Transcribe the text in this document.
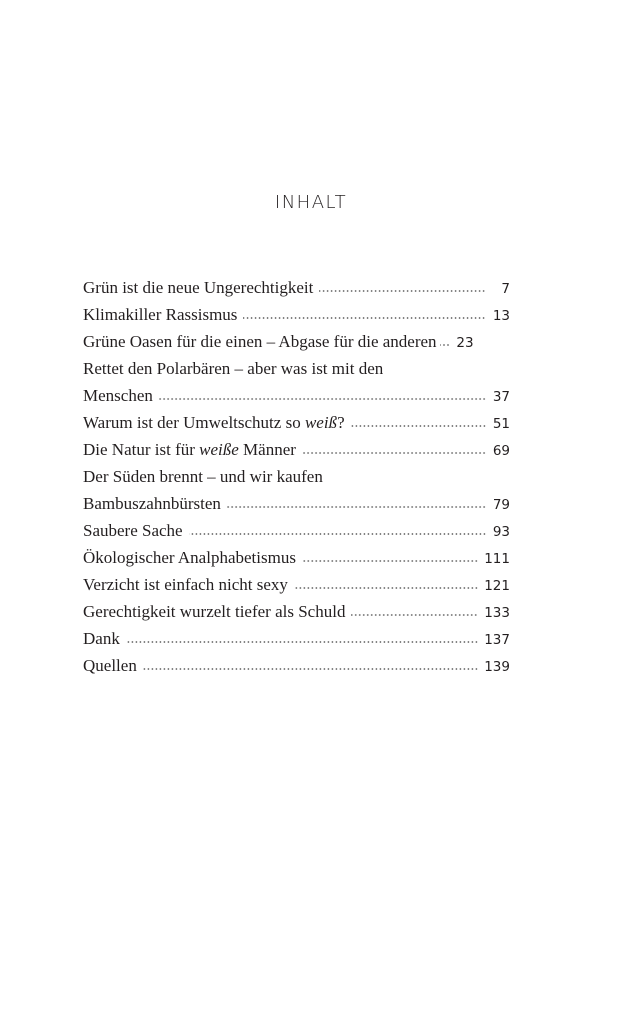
INHALT
Grün ist die neue Ungerechtigkeit	7
Klimakiller Rassismus	13
Grüne Oasen für die einen – Abgase für die anderen 23
Rettet den Polarbären – aber was ist mit den
Menschen	37
Warum ist der Umweltschutz so weiß ?	51
Die Natur ist für weiße Männer	69
Der Süden brennt – und wir kaufen
Bambuszahnbürsten	79
Saubere Sache	93
Ökologischer Analphabetismus	111
Verzicht ist einfach nicht sexy	121
Gerechtigkeit wurzelt tiefer als Schuld	133
Dank	137
Quellen	139
